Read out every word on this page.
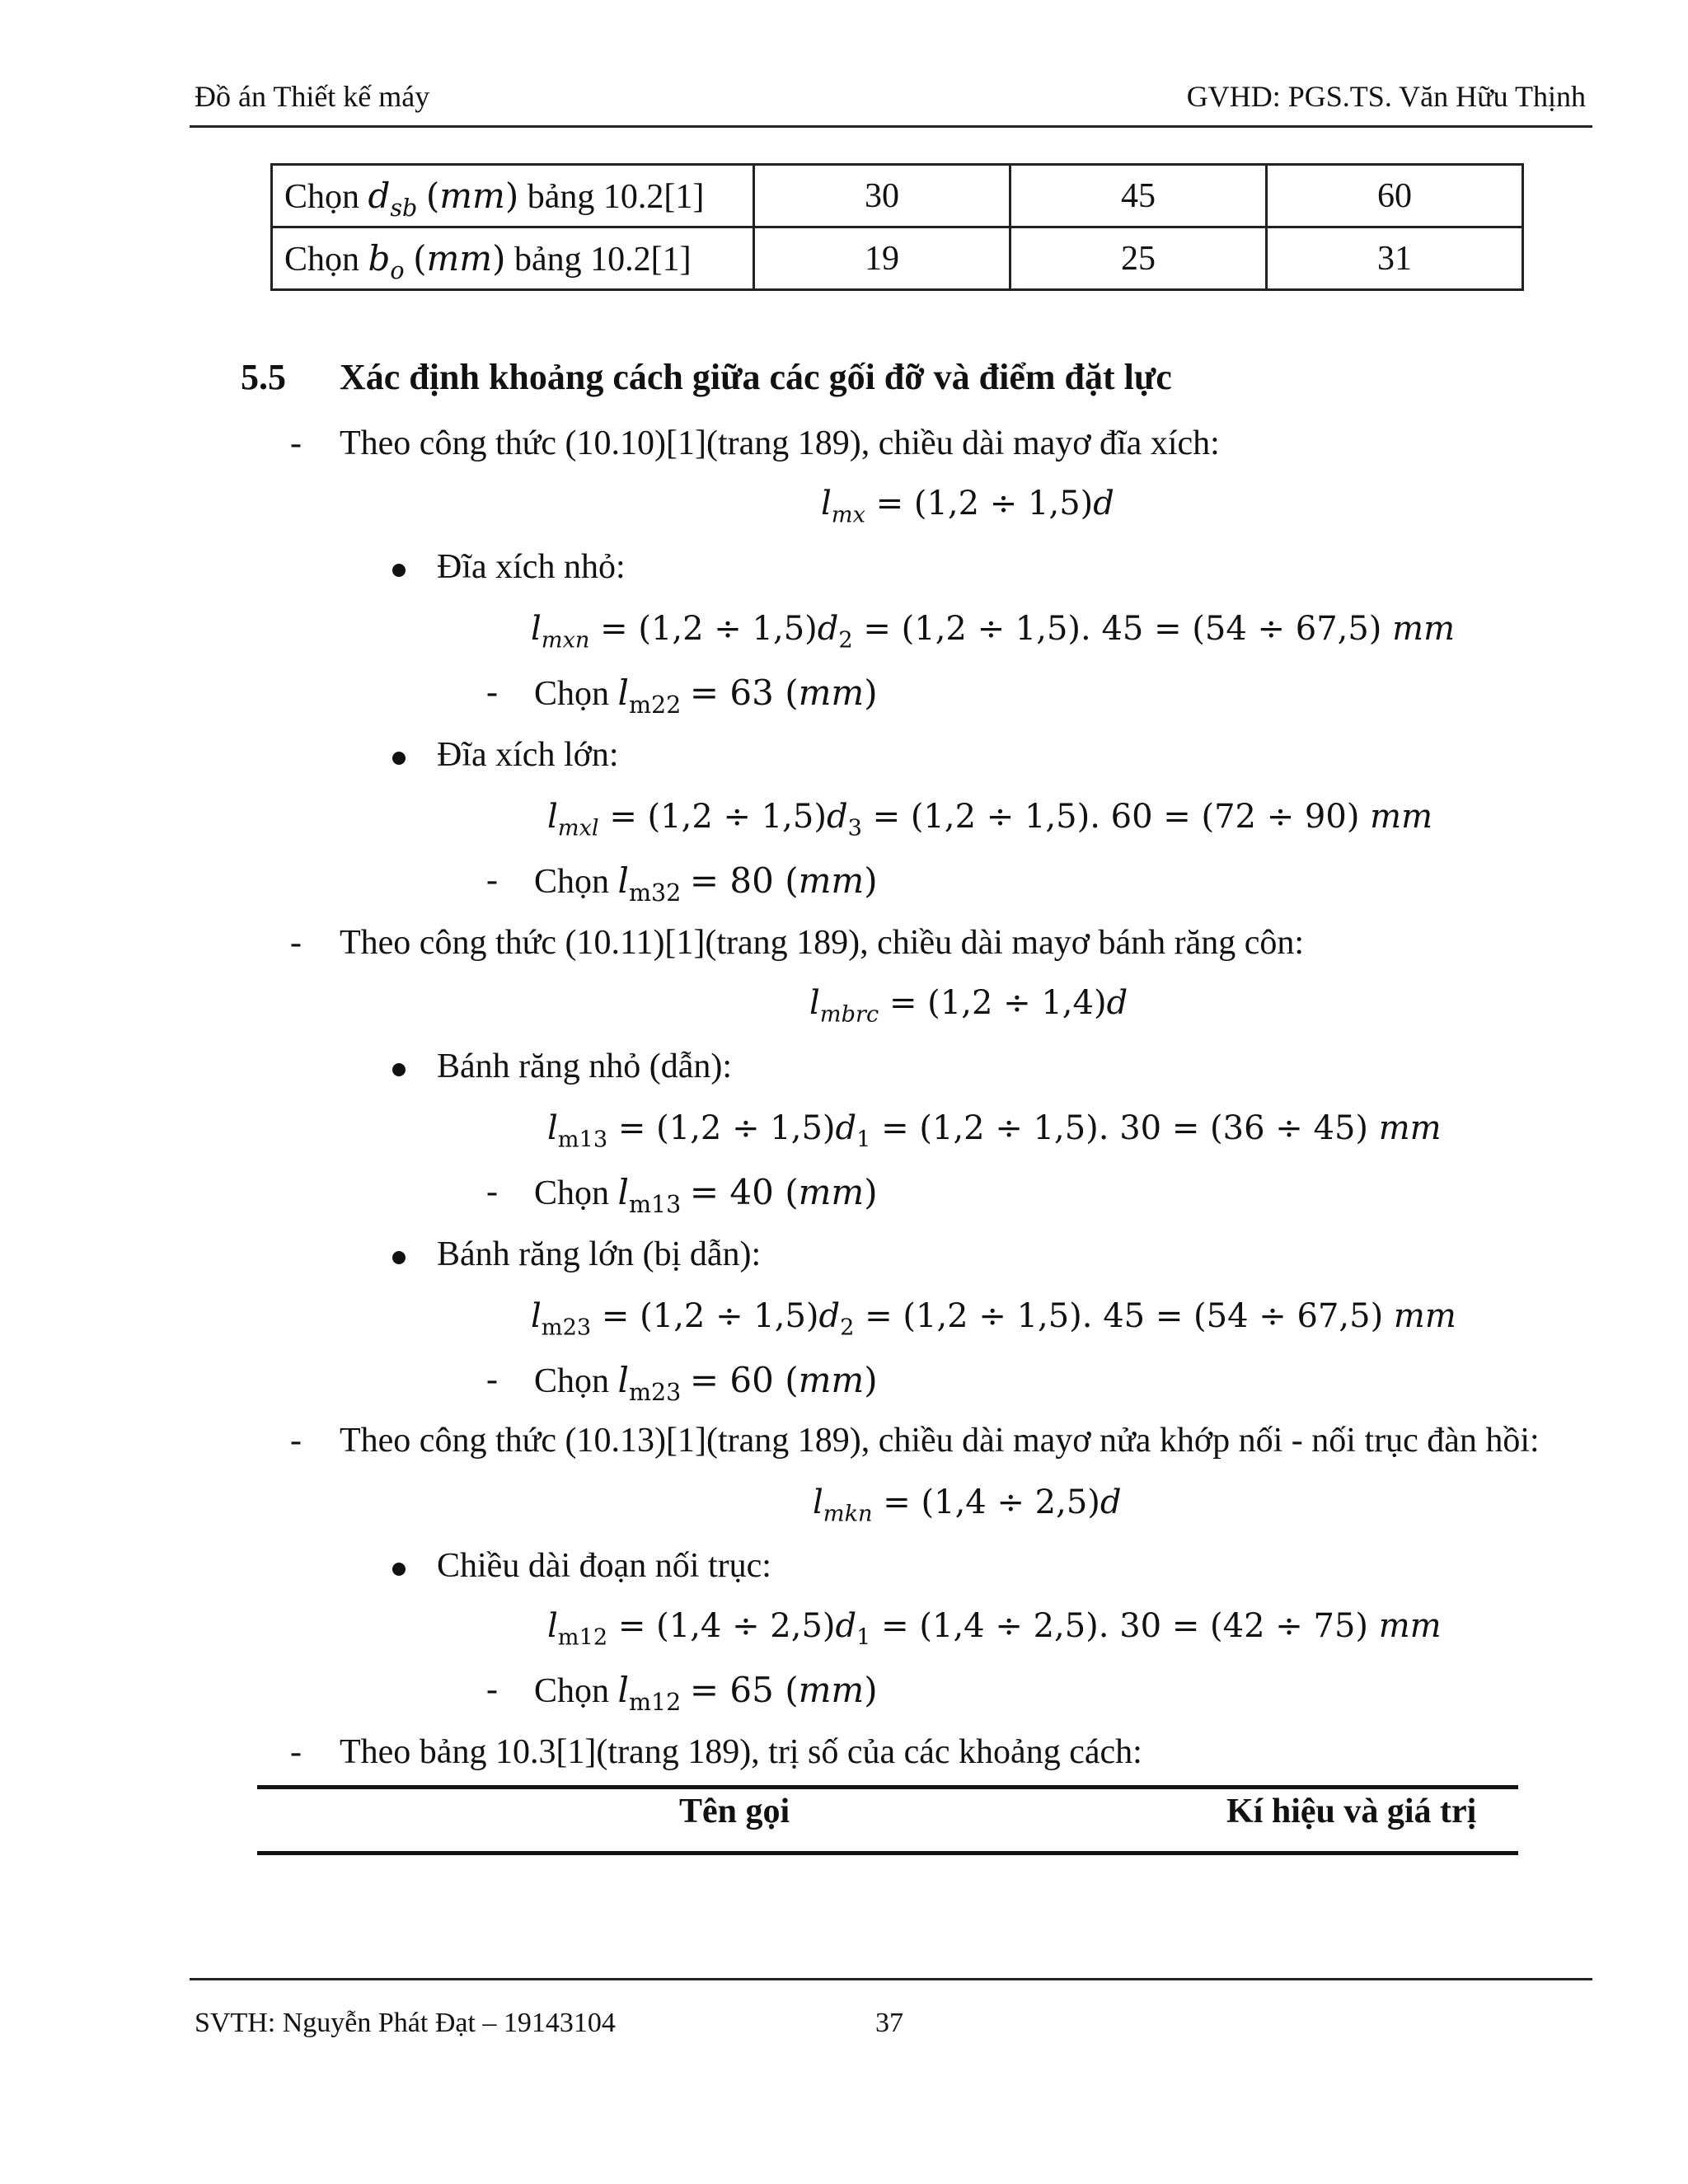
Đồ án Thiết kế máy	GVHD: PGS.TS. Văn Hữu Thịnh
Chọn $d_{sb}$ (mm) bảng 10.2[1]	30	45	60
Chọn $b_o$ (mm) bảng 10.2[1]	19	25	31
5.5 Xác định khoảng cách giữa các gối đỡ và điểm đặt lực
- Theo công thức (10.10)[1](trang 189), chiều dài mayơ đĩa xích:
$l_{mx} = (1,2 \div 1,5)d$
Đĩa xích nhỏ:
$l_{mxn} = (1,2 \div 1,5)d_2 = (1,2 \div 1,5)$. 45 = (54 ÷ 67,5) mm
- Chọn $l_{m22} = 63$ (mm)
Đĩa xích lớn:
$l_{mxl} = (1,2 \div 1,5)d_3 = (1,2 \div 1,5)$. 60 = (72 ÷ 90) mm
- Chọn $l_{m32} = 80$ (mm)
- Theo công thức (10.11)[1](trang 189), chiều dài mayơ bánh răng côn:
$l_{mbrc} = (1,2 \div 1,4)d$
Bánh răng nhỏ (dẫn):
$l_{m13} = (1,2 \div 1,5)d_1 = (1,2 \div 1,5)$. 30 = (36 ÷ 45) mm
- Chọn $l_{m13} = 40$ (mm)
Bánh răng lớn (bị dẫn):
$l_{m23} = (1,2 \div 1,5)d_2 = (1,2 \div 1,5)$. 45 = (54 ÷ 67,5) mm
- Chọn $l_{m23} = 60$ (mm)
- Theo công thức (10.13)[1](trang 189), chiều dài mayơ nửa khớp nối - nối trục đàn hồi:
$l_{mkn} = (1,4 \div 2,5)d$
Chiều dài đoạn nối trục:
$l_{m12} = (1,4 \div 2,5)d_1 = (1,4 \div 2,5)$. 30 = (42 ÷ 75) mm
- Chọn $l_{m12} = 65$ (mm)
- Theo bảng 10.3[1](trang 189), trị số của các khoảng cách:
Tên gọi	Kí hiệu và giá trị
SVTH: Nguyễn Phát Đạt – 19143104	37
